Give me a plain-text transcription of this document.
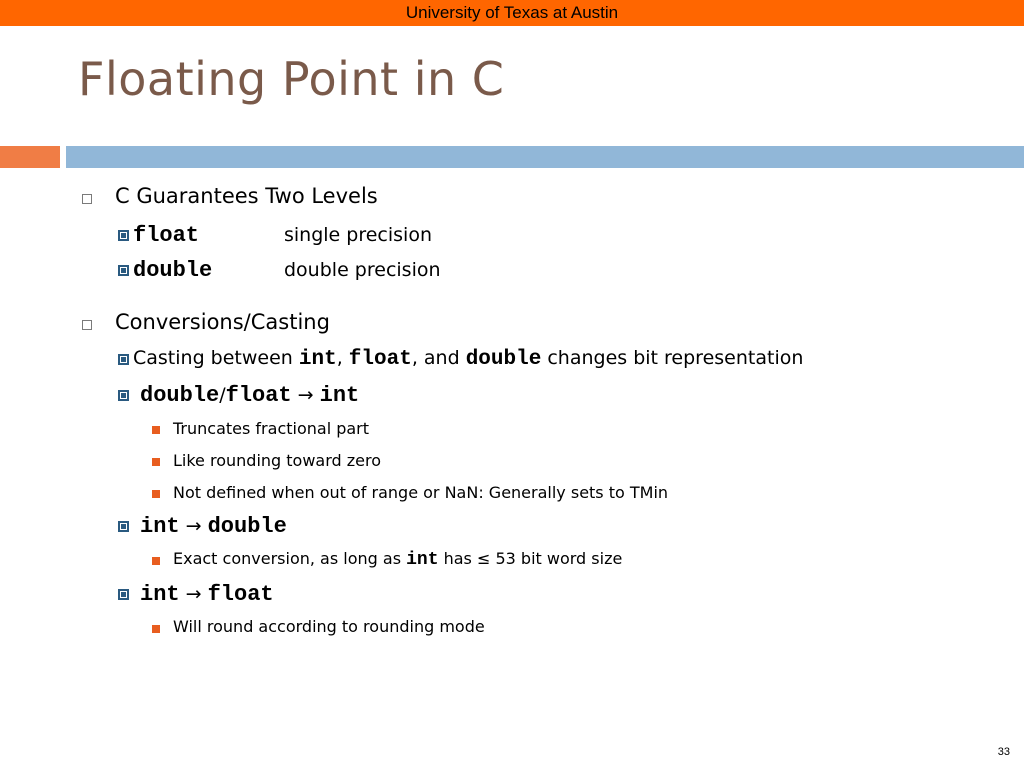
University of Texas at Austin
Floating Point in C
C Guarantees Two Levels
float	single precision
double	double precision
Conversions/Casting
Casting between int, float, and double changes bit representation
double/float → int
Truncates fractional part
Like rounding toward zero
Not defined when out of range or NaN: Generally sets to TMin
int → double
Exact conversion, as long as int has ≤ 53 bit word size
int → float
Will round according to rounding mode
33
